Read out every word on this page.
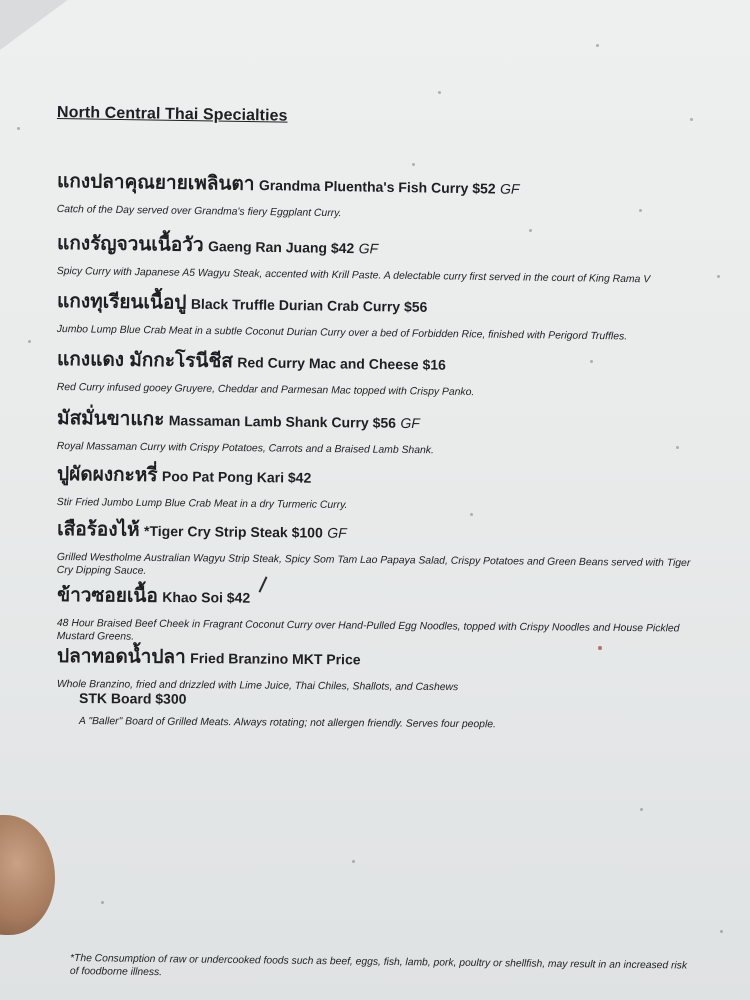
North Central Thai Specialties
แกงปลาคุณยายเพลินตา Grandma Pluentha's Fish Curry $52 GF
Catch of the Day served over Grandma's fiery Eggplant Curry.
แกงรัญจวนเนื้อวัว Gaeng Ran Juang $42 GF
Spicy Curry with Japanese A5 Wagyu Steak, accented with Krill Paste. A delectable curry first served in the court of King Rama V
แกงทุเรียนเนื้อปู Black Truffle Durian Crab Curry $56
Jumbo Lump Blue Crab Meat in a subtle Coconut Durian Curry over a bed of Forbidden Rice, finished with Perigord Truffles.
แกงแดง มักกะโรนีชีส Red Curry Mac and Cheese $16
Red Curry infused gooey Gruyere, Cheddar and Parmesan Mac topped with Crispy Panko.
มัสมั่นขาแกะ Massaman Lamb Shank Curry $56 GF
Royal Massaman Curry with Crispy Potatoes, Carrots and a Braised Lamb Shank.
ปูผัดผงกะหรี่ Poo Pat Pong Kari $42
Stir Fried Jumbo Lump Blue Crab Meat in a dry Turmeric Curry.
เสือร้องไห้ *Tiger Cry Strip Steak $100 GF
Grilled Westholme Australian Wagyu Strip Steak, Spicy Som Tam Lao Papaya Salad, Crispy Potatoes and Green Beans served with Tiger Cry Dipping Sauce.
ข้าวซอยเนื้อ Khao Soi $42
48 Hour Braised Beef Cheek in Fragrant Coconut Curry over Hand-Pulled Egg Noodles, topped with Crispy Noodles and House Pickled Mustard Greens.
ปลาทอดน้ำปลา Fried Branzino MKT Price
Whole Branzino, fried and drizzled with Lime Juice, Thai Chiles, Shallots, and Cashews
STK Board $300
A "Baller" Board of Grilled Meats. Always rotating; not allergen friendly. Serves four people.
*The Consumption of raw or undercooked foods such as beef, eggs, fish, lamb, pork, poultry or shellfish, may result in an increased risk of foodborne illness.
